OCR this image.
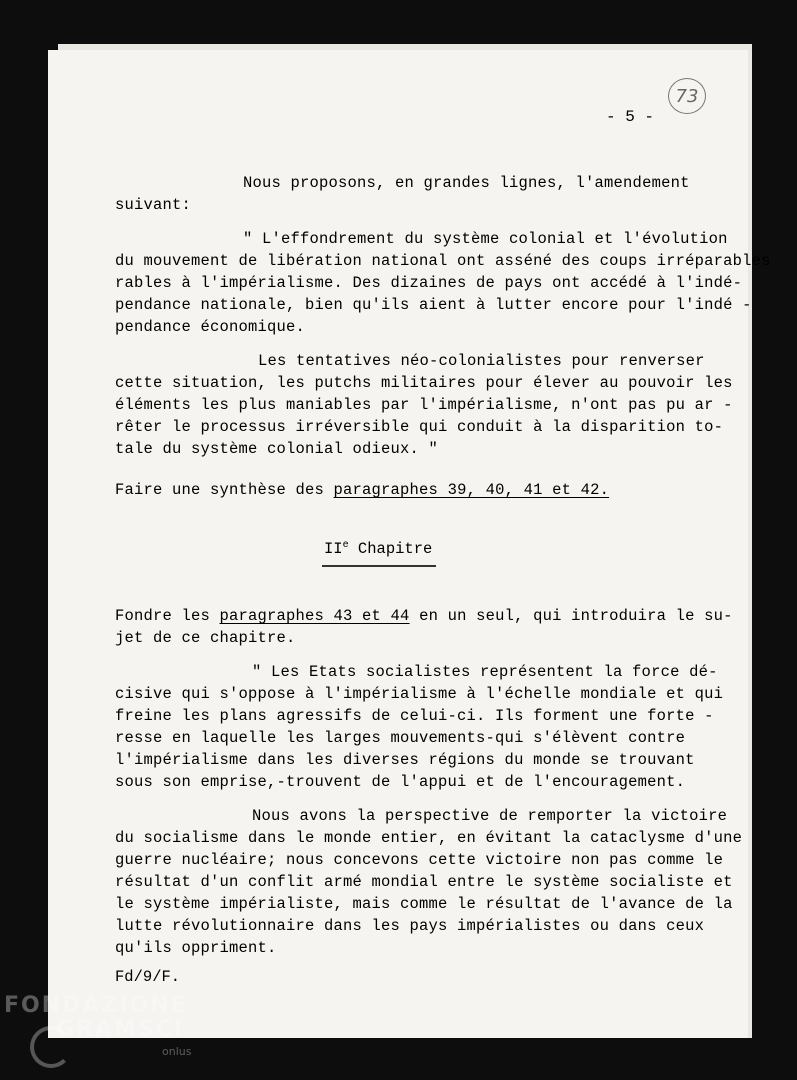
73
- 5 -
Nous proposons, en grandes lignes, l'amendement
suivant:
" L'effondrement du système colonial et l'évolution
du mouvement de libération national ont asséné des coups irréparables
rables à l'impérialisme. Des dizaines de pays ont accédé à l'indé-
pendance nationale, bien qu'ils aient à lutter encore pour l'indé -
pendance économique.
Les tentatives néo-colonialistes pour renverser
cette situation, les putchs militaires pour élever au pouvoir les
éléments les plus maniables par l'impérialisme, n'ont pas pu ar -
rêter le processus irréversible qui conduit à la disparition to-
tale du système colonial odieux. "
Faire une synthèse des paragraphes 39, 40, 41 et 42.
IIe Chapitre
Fondre les paragraphes 43 et 44 en un seul, qui introduira le su-
jet de ce chapitre.
" Les Etats socialistes représentent la force dé-
cisive qui s'oppose à l'impérialisme à l'échelle mondiale et qui
freine les plans agressifs de celui-ci. Ils forment une forte -
resse en laquelle les larges mouvements-qui s'élèvent contre
l'impérialisme dans les diverses régions du monde se trouvant
sous son emprise,-trouvent de l'appui et de l'encouragement.
Nous avons la perspective de remporter la victoire
du socialisme dans le monde entier, en évitant la cataclysme d'une
guerre nucléaire; nous concevons cette victoire non pas comme le
résultat d'un conflit armé mondial entre le système socialiste et
le système impérialiste, mais comme le résultat de l'avance de la
lutte révolutionnaire dans les pays impérialistes ou dans ceux
qu'ils oppriment.
Fd/9/F.
FONDAZIONE
GRAMSCI
onlus
